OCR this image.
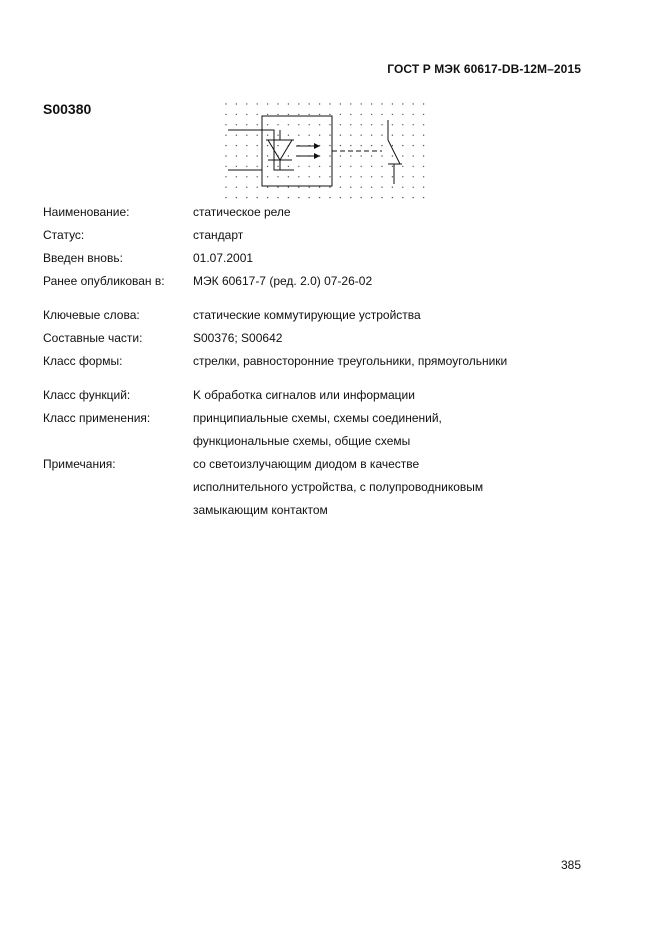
ГОСТ Р МЭК 60617-DB-12M–2015
S00380
Наименование:	статическое реле
Статус:	стандарт
Введен вновь:	01.07.2001
Ранее опубликован в: МЭК 60617-7 (ред. 2.0) 07-26-02
Ключевые слова:	статические коммутирующие устройства
Составные части:	S00376; S00642
Класс формы:	стрелки, равносторонние треугольники, прямоугольники
Класс функций:	K обработка сигналов или информации
Класс применения:	принципиальные схемы, схемы соединений,
функциональные схемы, общие схемы
Примечания:	со светоизлучающим диодом в качестве
исполнительного устройства, с полупроводниковым
замыкающим контактом
385
